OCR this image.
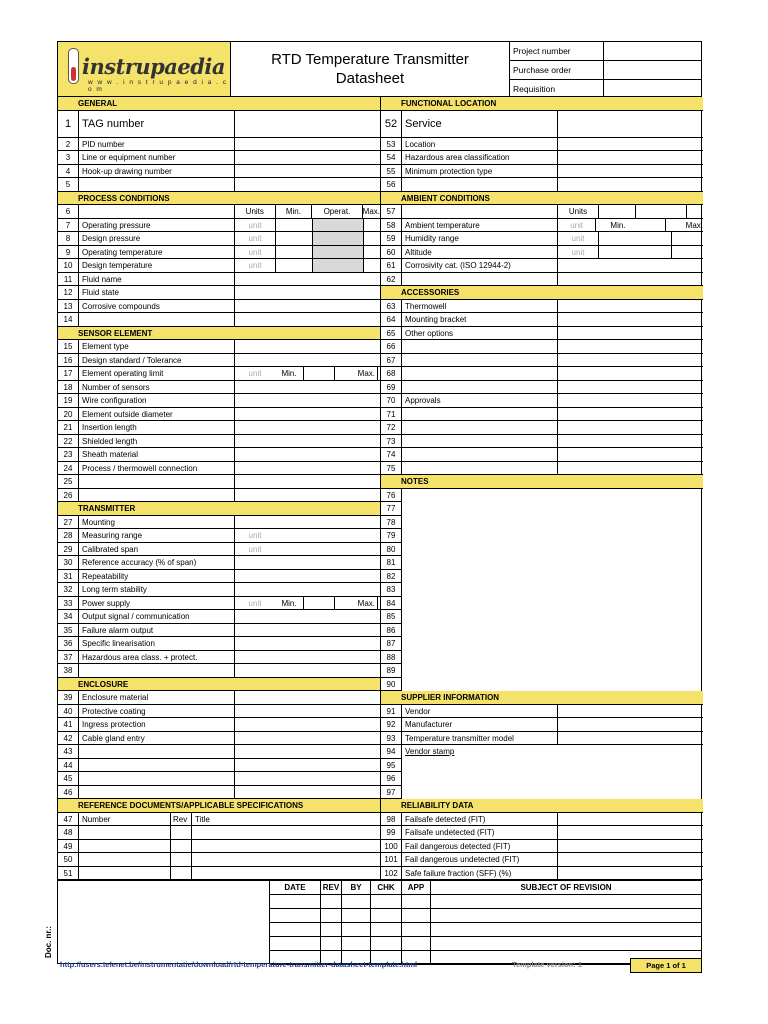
instrupaedia
w w w . i n s t r u p a e d i a . c o m
RTD Temperature Transmitter
Datasheet
Project number
Purchase order
Requisition
GENERAL
1 TAG number
2	PID number
3	Line or equipment number
4	Hook-up drawing number
5
PROCESS CONDITIONS
6	Units	Min.	Operat.	Max.
7	Operating pressure	unit
8	Design pressure	unit
9	Operating temperature	unit
10	Design temperature	unit
11	Fluid name
12	Fluid state
13	Corrosive compounds
14
SENSOR ELEMENT
15	Element type
16	Design standard / Tolerance
17	Element operating limit	unit	Min.	Max.
18	Number of sensors
19	Wire configuration
20	Element outside diameter
21	Insertion length
22	Shielded length
23	Sheath material
24	Process / thermowell connection
25
26
TRANSMITTER
27	Mounting
28	Measuring range	unit
29	Calibrated span	unit
30	Reference accuracy (% of span)
31	Repeatability
32	Long term stability
33	Power supply	unit	Min.	Max.
34	Output signal / communication
35	Failure alarm output
36	Specific linearisation
37	Hazardous area class. + protect.
38
ENCLOSURE
39	Enclosure material
40	Protective coating
41	Ingress protection
42	Cable gland entry
43
44
45
46
REFERENCE DOCUMENTS/APPLICABLE SPECIFICATIONS
47	Number	Rev Title
48
49
50
51
FUNCTIONAL LOCATION
52 Service
53	Location
54	Hazardous area classification
55	Minimum protection type
56
AMBIENT CONDITIONS
57	Units
58	Ambient temperature	unit	Min.	Max.
59	Humidity range	unit
60	Altitude	unit
61	Corrosivity cat. (ISO 12944-2)
62
ACCESSORIES
63	Thermowell
64	Mounting bracket
65	Other options
66
67
68
69
70	Approvals
71
72
73
74
75
NOTES
76
77
78
79
80
81
82
83
84
85
86
87
88
89
90
SUPPLIER INFORMATION
91	Vendor
92	Manufacturer
93	Temperature transmitter model
94	Vendor stamp
95
96
97
RELIABILITY DATA
98	Failsafe detected (FIT)
99	Failsafe undetected (FIT)
100 Fail dangerous detected (FIT)
101 Fail dangerous undetected (FIT)
102 Safe failure fraction (SFF) (%)
DATE	REV	BY	CHK	APP	SUBJECT OF REVISION
Doc. nr.:
http://users.telenet.be/instrumentatie/download/rtd-temperature-transmitter-datasheet-template.html	Template version: 1	Page 1 of 1
